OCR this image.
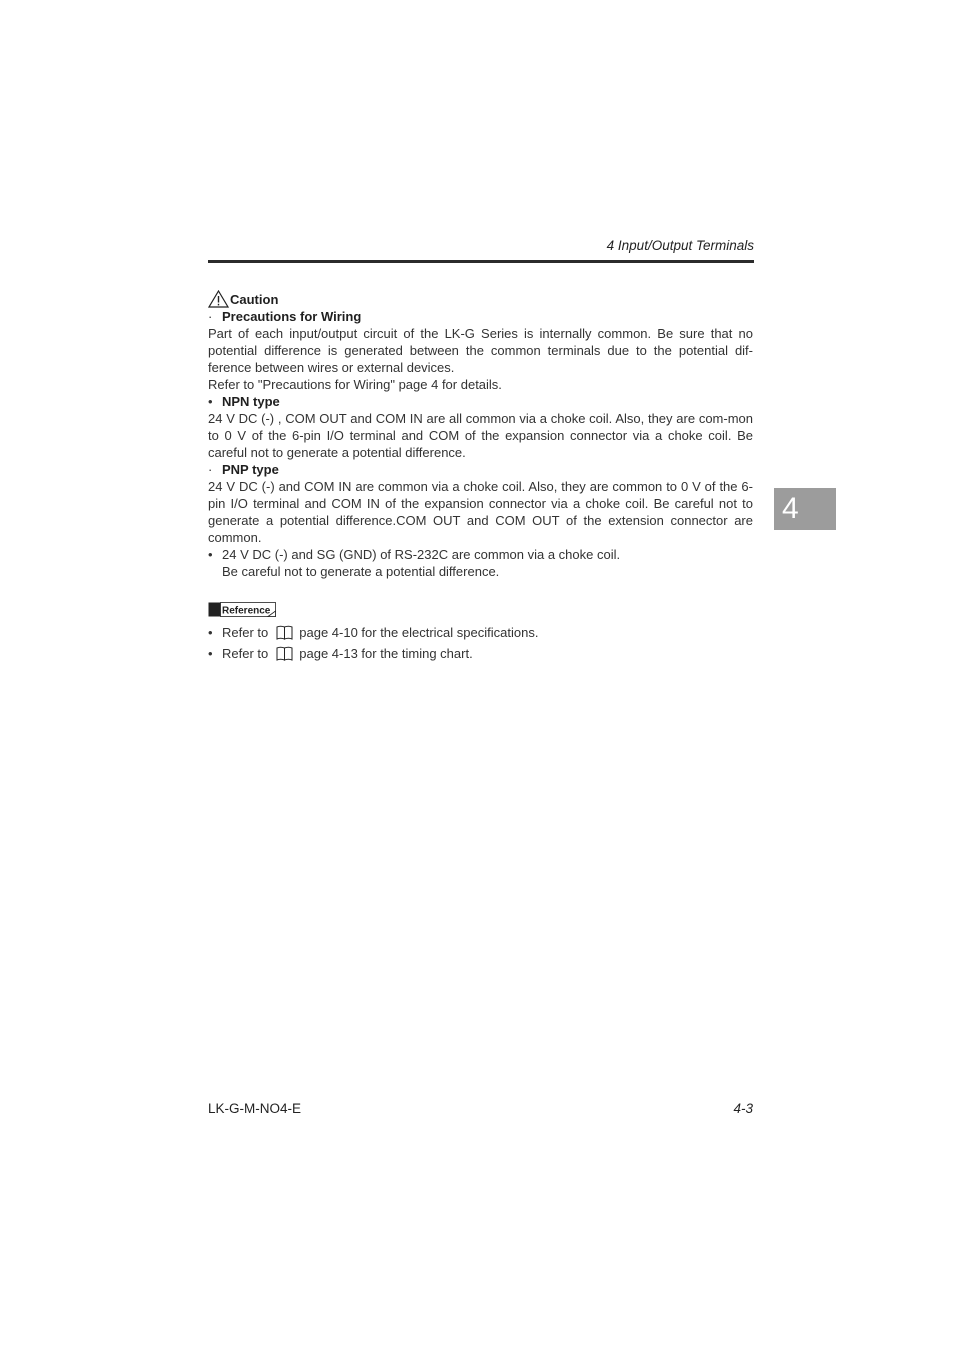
4 Input/Output Terminals
Caution
· Precautions for Wiring

Part of each input/output circuit of the LK-G Series is internally common. Be sure that no potential difference is generated between the common terminals due to the potential dif-ference between wires or external devices.

Refer to "Precautions for Wiring" page 4 for details.

• NPN type

24 V DC (-) , COM OUT and COM IN are all common via a choke coil. Also, they are com-mon to 0 V of the 6-pin I/O terminal and COM of the expansion connector via a choke coil. Be careful not to generate a potential difference.

· PNP type

24 V DC (-) and COM IN are common via a choke coil. Also, they are common to 0 V of the 6-pin I/O terminal and COM IN of the expansion connector via a choke coil. Be careful not to generate a potential difference.COM OUT and COM OUT of the extension connector are common.

• 24 V DC (-) and SG (GND) of RS-232C are common via a choke coil.
Be careful not to generate a potential difference.
Reference
• Refer to page 4-10 for the electrical specifications.
• Refer to page 4-13 for the timing chart.
4
LK-G-M-NO4-E	4-3
